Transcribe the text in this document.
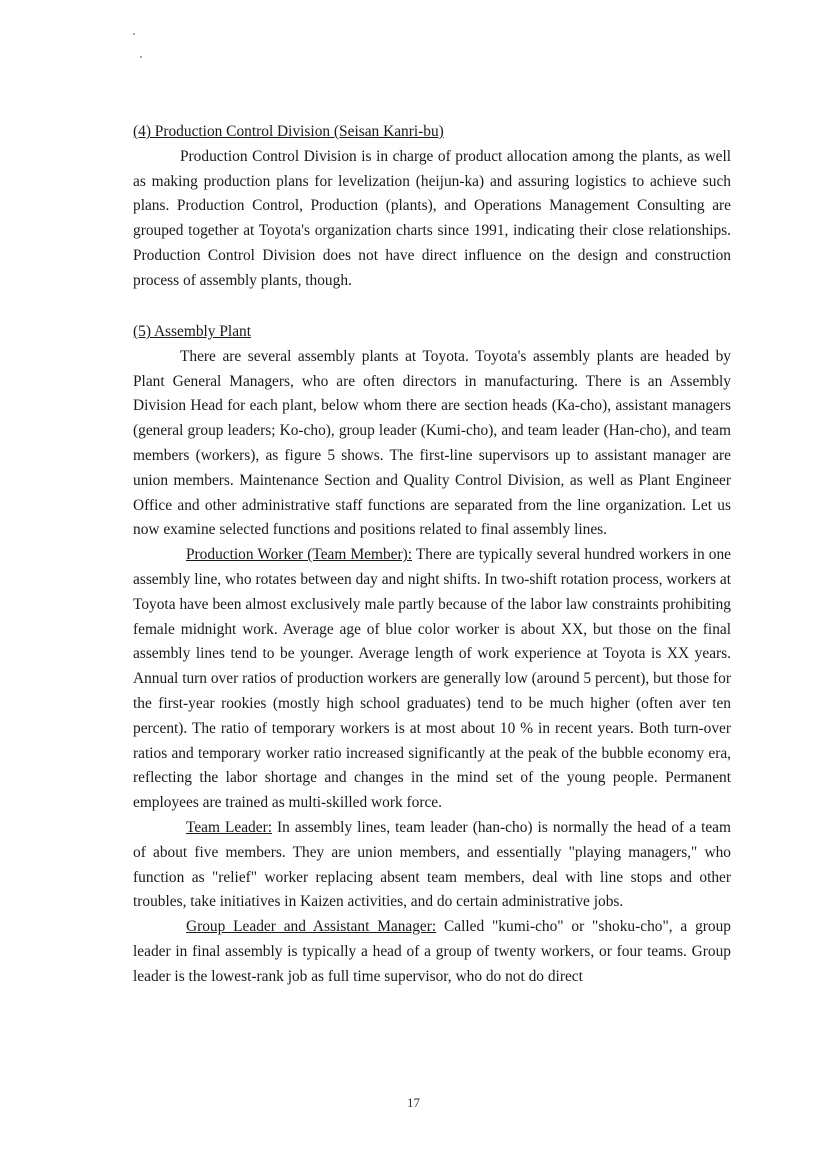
(4) Production Control Division (Seisan Kanri-bu)

Production Control Division is in charge of product allocation among the plants, as well as making production plans for levelization (heijun-ka) and assuring logistics to achieve such plans. Production Control, Production (plants), and Operations Management Consulting are grouped together at Toyota's organization charts since 1991, indicating their close relationships. Production Control Division does not have direct influence on the design and construction process of assembly plants, though.

(5) Assembly Plant

There are several assembly plants at Toyota. Toyota's assembly plants are headed by Plant General Managers, who are often directors in manufacturing. There is an Assembly Division Head for each plant, below whom there are section heads (Ka-cho), assistant managers (general group leaders; Ko-cho), group leader (Kumi-cho), and team leader (Han-cho), and team members (workers), as figure 5 shows. The first-line supervisors up to assistant manager are union members. Maintenance Section and Quality Control Division, as well as Plant Engineer Office and other administrative staff functions are separated from the line organization. Let us now examine selected functions and positions related to final assembly lines.

Production Worker (Team Member): There are typically several hundred workers in one assembly line, who rotates between day and night shifts. In two-shift rotation process, workers at Toyota have been almost exclusively male partly because of the labor law constraints prohibiting female midnight work. Average age of blue color worker is about XX, but those on the final assembly lines tend to be younger. Average length of work experience at Toyota is XX years. Annual turn over ratios of production workers are generally low (around 5 percent), but those for the first-year rookies (mostly high school graduates) tend to be much higher (often aver ten percent). The ratio of temporary workers is at most about 10 % in recent years. Both turn-over ratios and temporary worker ratio increased significantly at the peak of the bubble economy era, reflecting the labor shortage and changes in the mind set of the young people. Permanent employees are trained as multi-skilled work force.

Team Leader: In assembly lines, team leader (han-cho) is normally the head of a team of about five members. They are union members, and essentially "playing managers," who function as "relief" worker replacing absent team members, deal with line stops and other troubles, take initiatives in Kaizen activities, and do certain administrative jobs.

Group Leader and Assistant Manager: Called "kumi-cho" or "shoku-cho", a group leader in final assembly is typically a head of a group of twenty workers, or four teams. Group leader is the lowest-rank job as full time supervisor, who do not do direct

17
